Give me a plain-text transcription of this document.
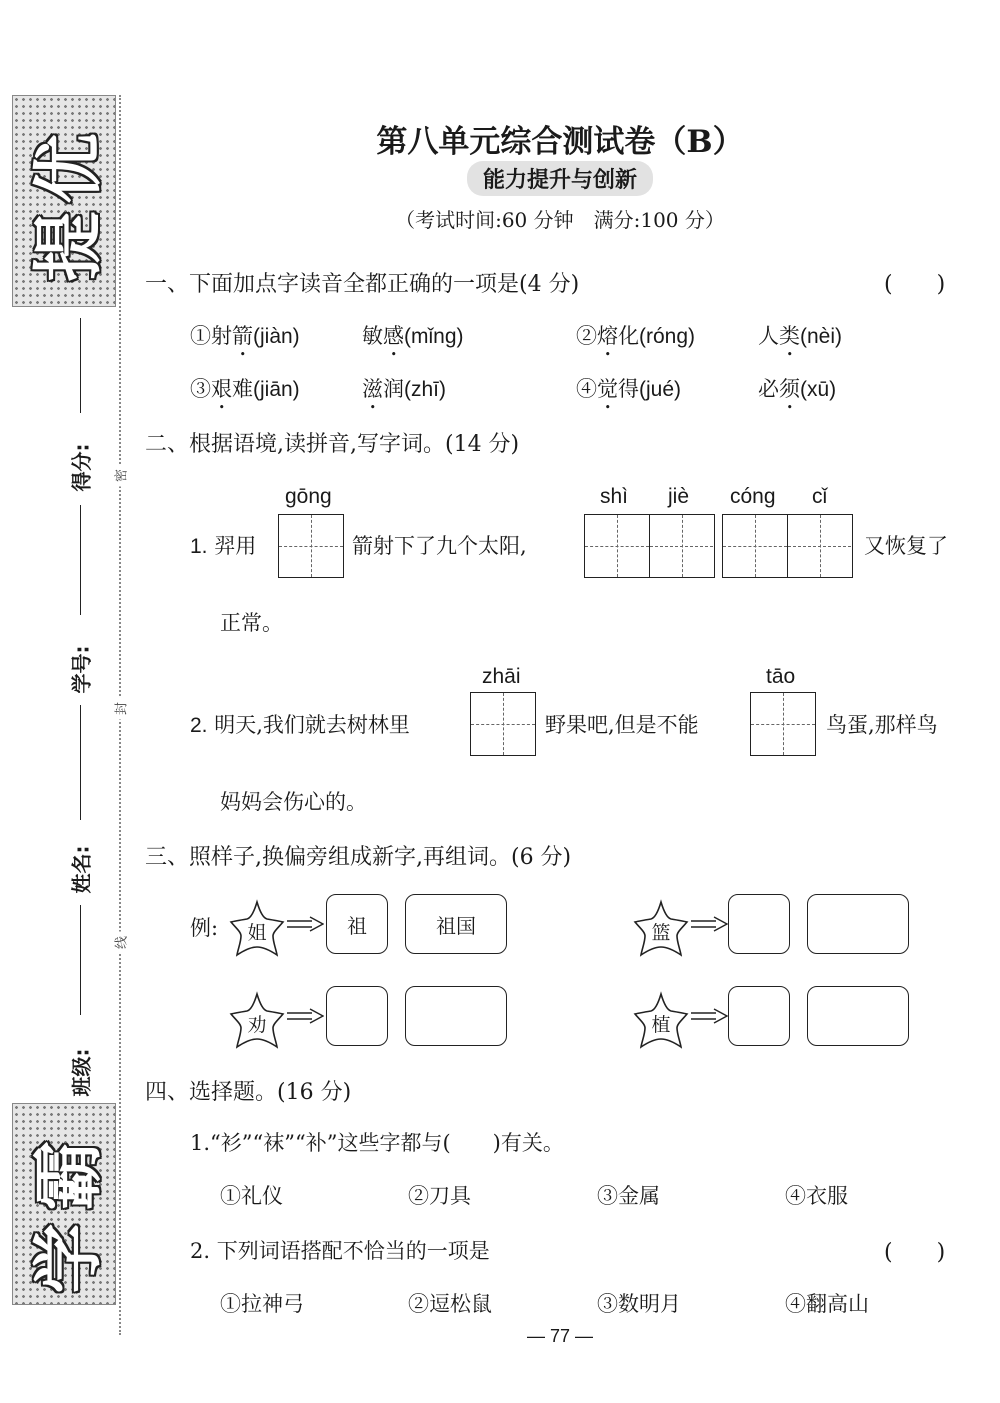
提
优
学
霸
得分:
学号:
姓名:
班级:
密
封
线
第八单元综合测试卷（B）
能力提升与创新
（考试时间:60 分钟　满分:100 分）
一、下面加点字读音全都正确的一项是(4 分)	(　　)
①射箭(jiàn)	敏感(mǐng)	②熔化(róng)	人类(nèi)
③艰难(jiān)	滋润(zhī)	④觉得(jué)	必须(xū)
二、根据语境,读拼音,写字词。(14 分)
gōng	shì jiè cóng cǐ
1. 羿用	箭射下了九个太阳,	又恢复了
正常。
zhāi	tāo
2. 明天,我们就去树林里	野果吧,但是不能	鸟蛋,那样鸟
妈妈会伤心的。
三、照样子,换偏旁组成新字,再组词。(6 分)
例:	姐	祖	祖国	篮
劝	植
四、选择题。(16 分)
1.“衫”“袜”“补”这些字都与(　　)有关。
①礼仪	②刀具	③金属	④衣服
2. 下列词语搭配不恰当的一项是	(　　)
①拉神弓	②逗松鼠	③数明月	④翻高山
— 77 —
